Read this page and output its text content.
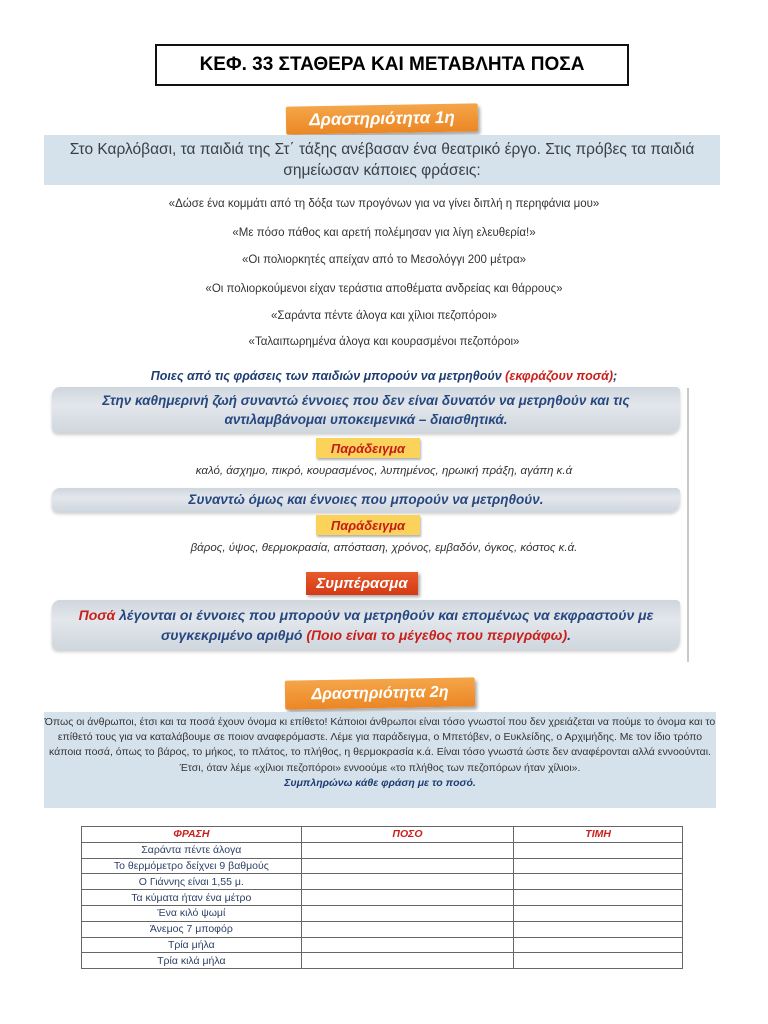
ΚΕΦ. 33 ΣΤΑΘΕΡΑ ΚΑΙ ΜΕΤΑΒΛΗΤΑ ΠΟΣΑ
Δραστηριότητα 1η
Στο Καρλόβασι, τα παιδιά της Στ΄ τάξης ανέβασαν ένα θεατρικό έργο. Στις πρόβες τα παιδιά σημείωσαν κάποιες φράσεις:
«Δώσε ένα κομμάτι από τη δόξα των προγόνων για να γίνει διπλή η περηφάνια μου»
«Με πόσο πάθος και αρετή πολέμησαν για λίγη ελευθερία!»
«Οι πολιορκητές απείχαν από το Μεσολόγγι 200 μέτρα»
«Οι πολιορκούμενοι είχαν τεράστια αποθέματα ανδρείας και θάρρους»
«Σαράντα πέντε άλογα και χίλιοι πεζοπόροι»
«Ταλαιπωρημένα άλογα και κουρασμένοι πεζοπόροι»
Ποιες από τις φράσεις των παιδιών μπορούν να μετρηθούν (εκφράζουν ποσά);
Στην καθημερινή ζωή συναντώ έννοιες που δεν είναι δυνατόν να μετρηθούν και τις αντιλαμβάνομαι υποκειμενικά – διαισθητικά.
Παράδειγμα
καλό, άσχημο, πικρό, κουρασμένος, λυπημένος, ηρωική πράξη, αγάπη κ.ά
Συναντώ όμως και έννοιες που μπορούν να μετρηθούν.
Παράδειγμα
βάρος, ύψος, θερμοκρασία, απόσταση, χρόνος, εμβαδόν, όγκος, κόστος κ.ά.
Συμπέρασμα
Ποσά λέγονται οι έννοιες που μπορούν να μετρηθούν και επομένως να εκφραστούν με συγκεκριμένο αριθμό (Ποιο είναι το μέγεθος που περιγράφω).
Δραστηριότητα 2η
Όπως οι άνθρωποι, έτσι και τα ποσά έχουν όνομα κι επίθετο! Κάποιοι άνθρωποι είναι τόσο γνωστοί που δεν χρειάζεται να πούμε το όνομα και το επίθετό τους για να καταλάβουμε σε ποιον αναφερόμαστε. Λέμε για παράδειγμα, ο Μπετόβεν, ο Ευκλείδης, ο Αρχιμήδης. Με τον ίδιο τρόπο κάποια ποσά, όπως το βάρος, το μήκος, το πλάτος, το πλήθος, η θερμοκρασία κ.ά. Είναι τόσο γνωστά ώστε δεν αναφέρονται αλλά εννοούνται. Έτσι, όταν λέμε «χίλιοι πεζοπόροι» εννοούμε «το πλήθος των πεζοπόρων ήταν χίλιοι».
Συμπληρώνω κάθε φράση με το ποσό.
ΦΡΑΣΗ	ΠΟΣΟ	ΤΙΜΗ
Σαράντα πέντε άλογα		
Το θερμόμετρο δείχνει 9 βαθμούς		
Ο Γιάννης είναι 1,55 μ.		
Τα κύματα ήταν ένα μέτρο		
Ένα κιλό ψωμί		
Άνεμος 7 μποφόρ		
Τρία μήλα		
Τρία κιλά μήλα		
